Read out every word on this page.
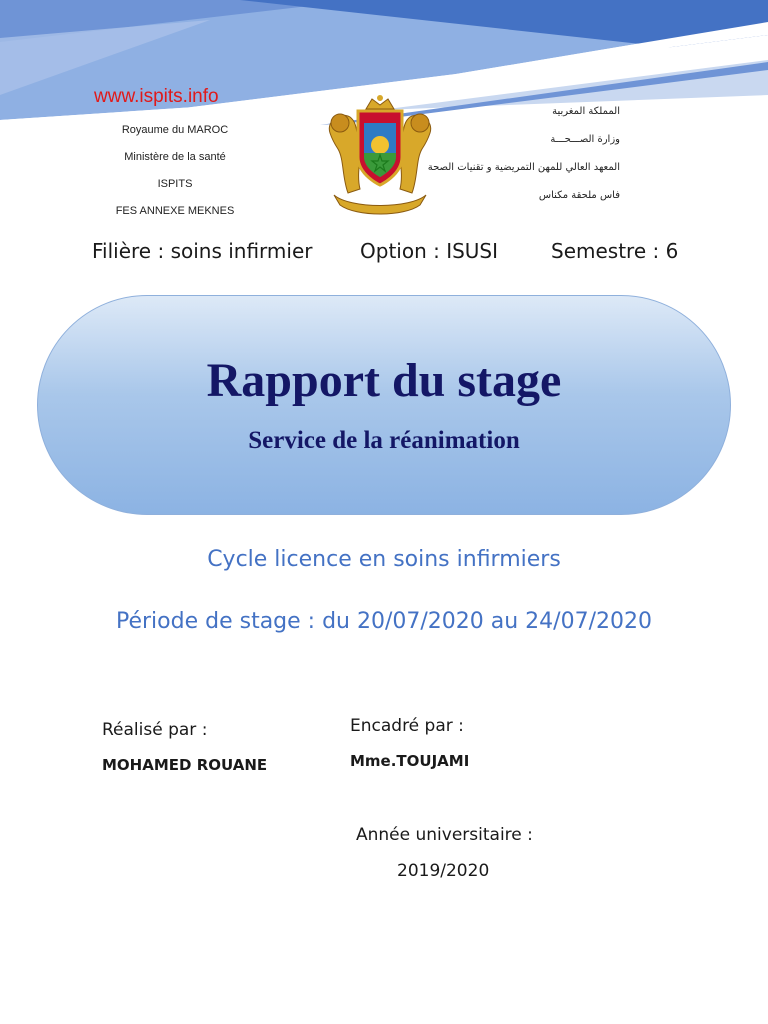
www.ispits.info
Royaume du MAROC
Ministère de la santé
ISPITS
FES ANNEXE MEKNES
المملكة المغربية
وزارة الصـــحـــة
المعهد العالي للمهن التمريضية و تقنيات الصحة
فاس ملحقة مكناس
Filière : soins infirmier Option : ISUSI	Semestre : 6
Rapport du stage
Service de la réanimation
Cycle licence en soins infirmiers
Période de stage : du 20/07/2020 au 24/07/2020
Réalisé par :
MOHAMED ROUANE
Encadré par :
Mme.TOUJAMI
Année universitaire :
2019/2020
